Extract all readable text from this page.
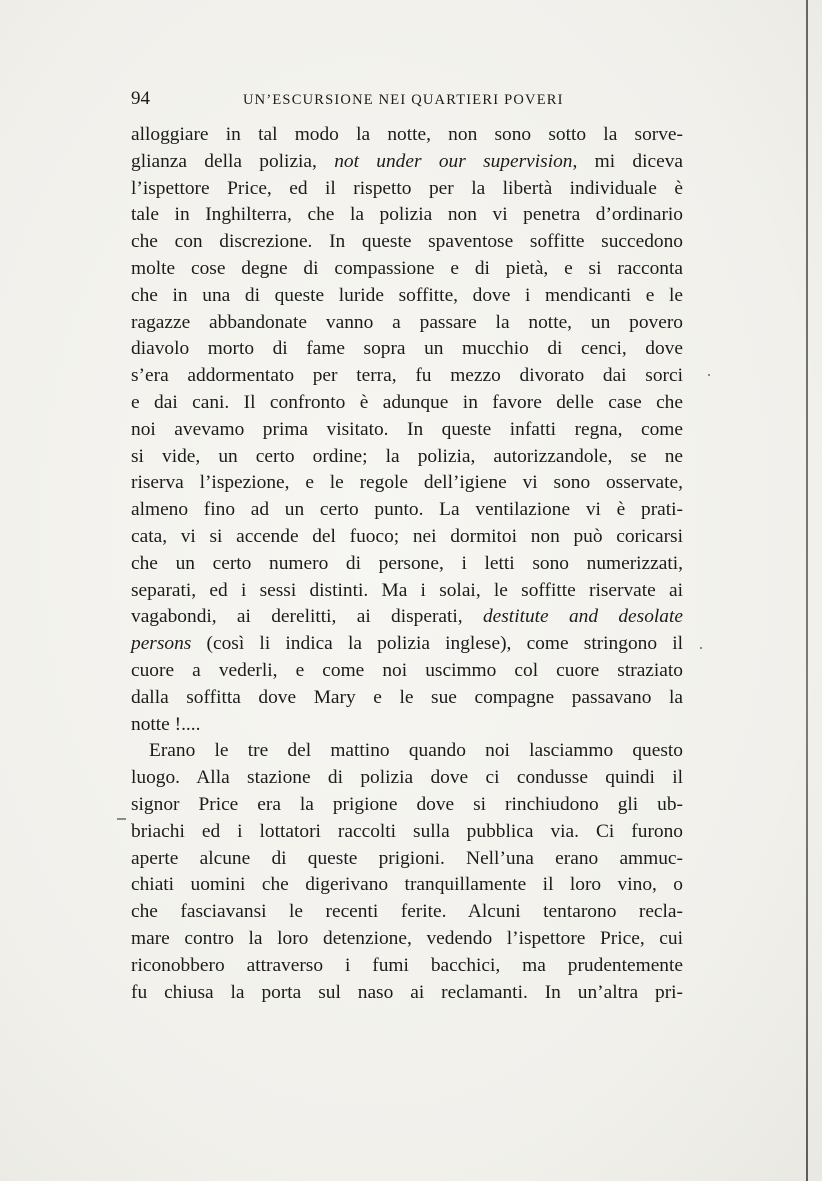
94	UN’ESCURSIONE NEI QUARTIERI POVERI
alloggiare in tal modo la notte, non sono sotto la sorve-
glianza della polizia, not under our supervision, mi diceva
l’ispettore Price, ed il rispetto per la libertà individuale è
tale in Inghilterra, che la polizia non vi penetra d’ordinario
che con discrezione. In queste spaventose soffitte succedono
molte cose degne di compassione e di pietà, e si racconta
che in una di queste luride soffitte, dove i mendicanti e le
ragazze abbandonate vanno a passare la notte, un povero
diavolo morto di fame sopra un mucchio di cenci, dove
s’era addormentato per terra, fu mezzo divorato dai sorci
e dai cani. Il confronto è adunque in favore delle case che
noi avevamo prima visitato. In queste infatti regna, come
si vide, un certo ordine; la polizia, autorizzandole, se ne
riserva l’ispezione, e le regole dell’igiene vi sono osservate,
almeno fino ad un certo punto. La ventilazione vi è prati-
cata, vi si accende del fuoco; nei dormitoi non può coricarsi
che un certo numero di persone, i letti sono numerizzati,
separati, ed i sessi distinti. Ma i solai, le soffitte riservate ai
vagabondi, ai derelitti, ai disperati, destitute and desolate
persons (così li indica la polizia inglese), come stringono il
cuore a vederli, e come noi uscimmo col cuore straziato
dalla soffitta dove Mary e le sue compagne passavano la
notte !....
Erano le tre del mattino quando noi lasciammo questo
luogo. Alla stazione di polizia dove ci condusse quindi il
signor Price era la prigione dove si rinchiudono gli ub-
briachi ed i lottatori raccolti sulla pubblica via. Ci furono
aperte alcune di queste prigioni. Nell’una erano ammuc-
chiati uomini che digerivano tranquillamente il loro vino, o
che fasciavansi le recenti ferite. Alcuni tentarono recla-
mare contro la loro detenzione, vedendo l’ispettore Price, cui
riconobbero attraverso i fumi bacchici, ma prudentemente
fu chiusa la porta sul naso ai reclamanti. In un’altra pri-
